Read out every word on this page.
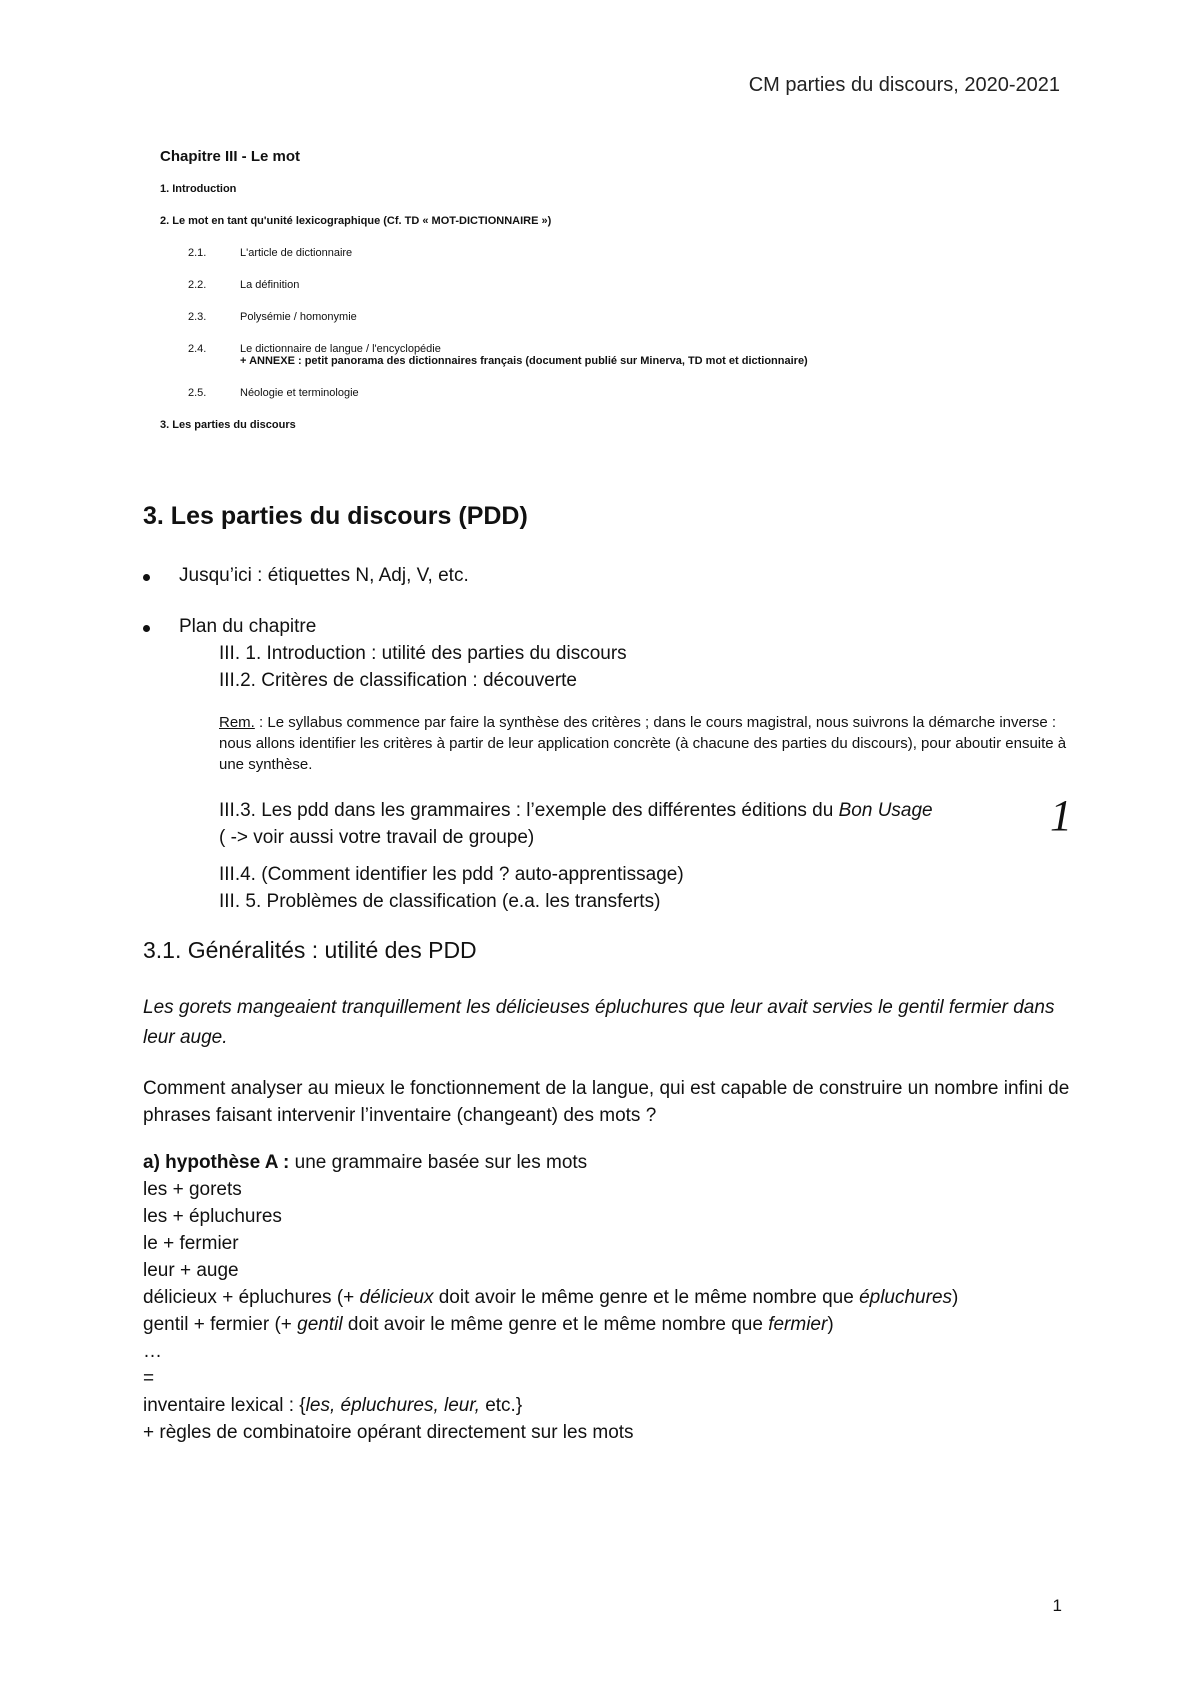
CM parties du discours, 2020-2021
Chapitre III - Le mot
1. Introduction
2. Le mot en tant qu'unité lexicographique (Cf. TD « MOT-DICTIONNAIRE »)
2.1.	L'article de dictionnaire
2.2.	La définition
2.3.	Polysémie / homonymie
2.4.	Le dictionnaire de langue / l'encyclopédie
+ ANNEXE : petit panorama des dictionnaires français (document publié sur Minerva, TD mot et dictionnaire)
2.5.	Néologie et terminologie
3. Les parties du discours
3. Les parties du discours (PDD)
Jusqu’ici : étiquettes N, Adj, V, etc.
Plan du chapitre

III. 1. Introduction : utilité des parties du discours

III.2. Critères de classification : découverte

Rem. : Le syllabus commence par faire la synthèse des critères ; dans le cours magistral, nous suivrons la démarche inverse : nous allons identifier les critères à partir de leur application concrète (à chacune des parties du discours), pour aboutir ensuite à une synthèse.

III.3. Les pdd dans les grammaires : l’exemple des différentes éditions du Bon Usage

( -> voir aussi votre travail de groupe)

III.4. (Comment identifier les pdd ? auto-apprentissage)

III. 5. Problèmes de classification (e.a. les transferts)

3.1. Généralités : utilité des PDD

Les gorets mangeaient tranquillement les délicieuses épluchures que leur avait servies le gentil fermier dans leur auge.

Comment analyser au mieux le fonctionnement de la langue, qui est capable de construire un nombre infini de phrases faisant intervenir l’inventaire (changeant) des mots ?

a) hypothèse A : une grammaire basée sur les mots

les + gorets

les + épluchures

le + fermier

leur + auge

délicieux + épluchures (+ délicieux doit avoir le même genre et le même nombre que épluchures)

gentil + fermier (+ gentil doit avoir le même genre et le même nombre que fermier)

…

=

inventaire lexical : {les, épluchures, leur, etc.}

+ règles de combinatoire opérant directement sur les mots

1
1
